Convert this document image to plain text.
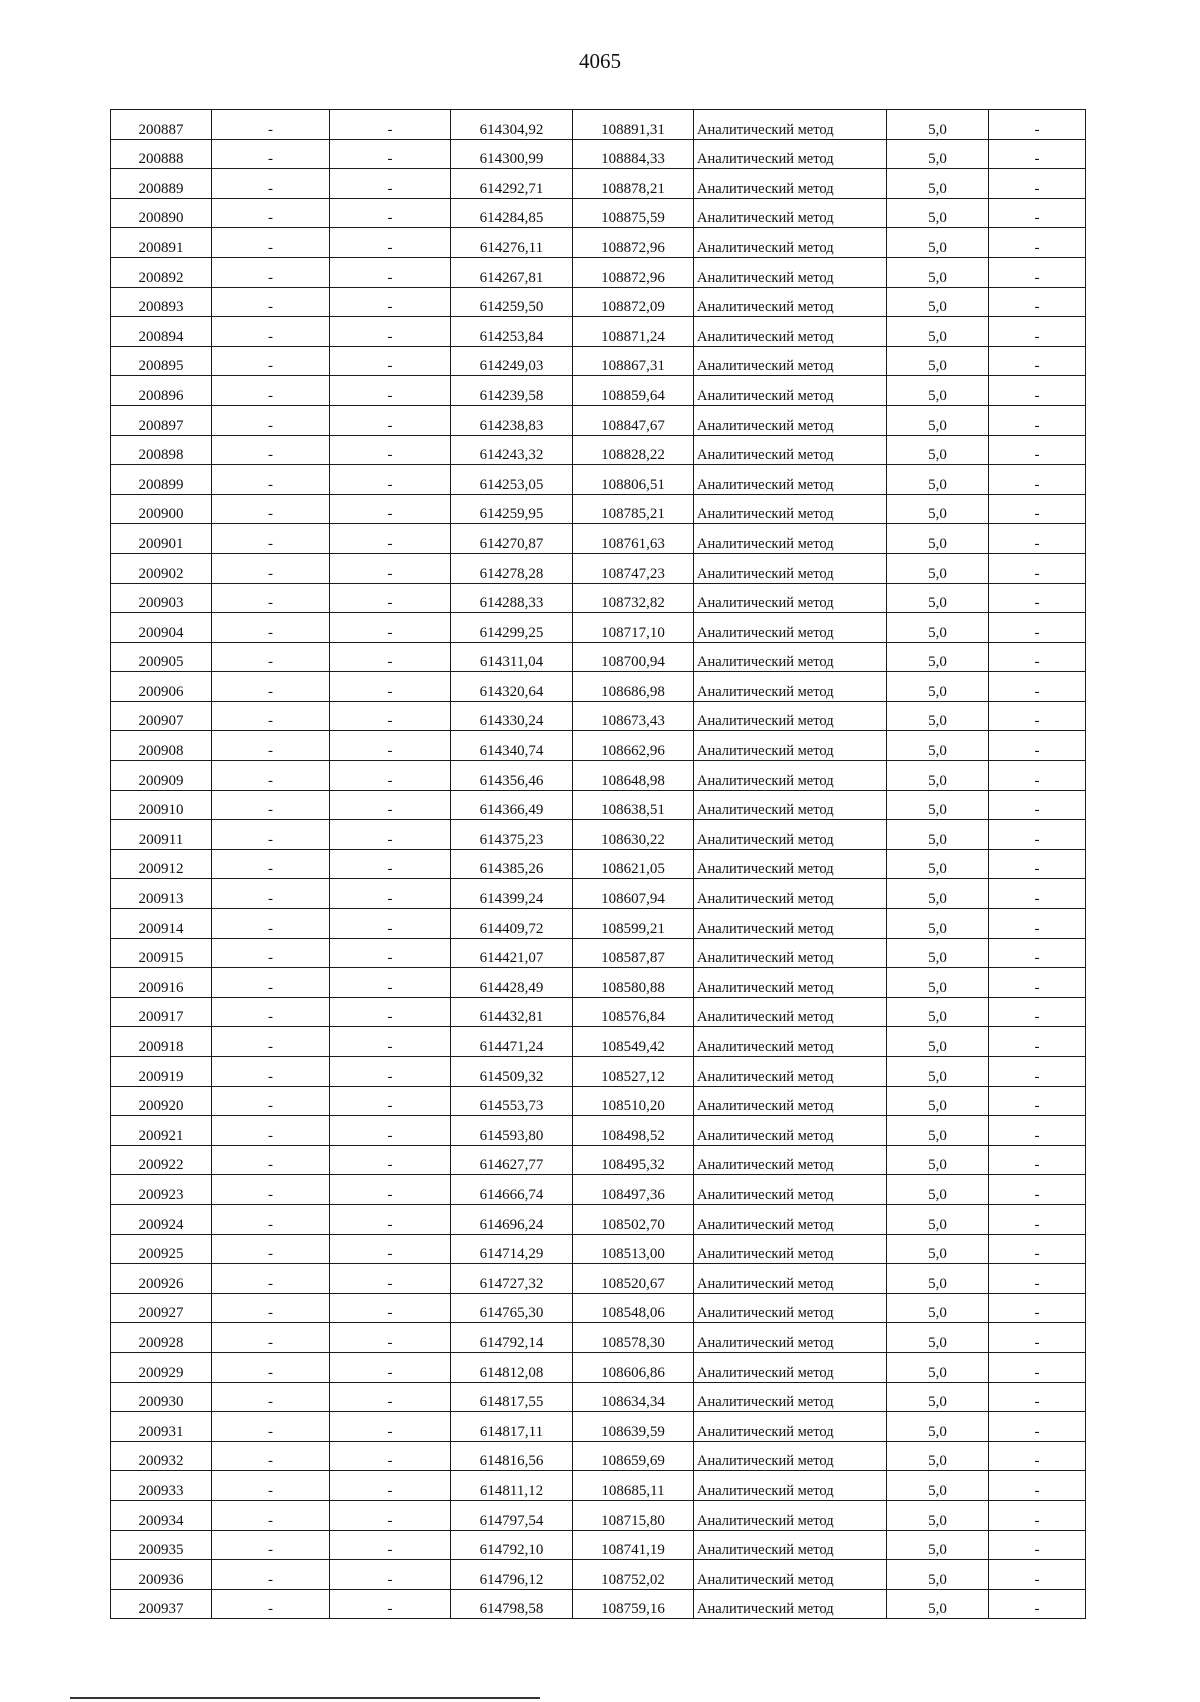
4065
200887	-	-	614304,92	108891,31	Аналитический метод	5,0	-
200888	-	-	614300,99	108884,33	Аналитический метод	5,0	-
200889	-	-	614292,71	108878,21	Аналитический метод	5,0	-
200890	-	-	614284,85	108875,59	Аналитический метод	5,0	-
200891	-	-	614276,11	108872,96	Аналитический метод	5,0	-
200892	-	-	614267,81	108872,96	Аналитический метод	5,0	-
200893	-	-	614259,50	108872,09	Аналитический метод	5,0	-
200894	-	-	614253,84	108871,24	Аналитический метод	5,0	-
200895	-	-	614249,03	108867,31	Аналитический метод	5,0	-
200896	-	-	614239,58	108859,64	Аналитический метод	5,0	-
200897	-	-	614238,83	108847,67	Аналитический метод	5,0	-
200898	-	-	614243,32	108828,22	Аналитический метод	5,0	-
200899	-	-	614253,05	108806,51	Аналитический метод	5,0	-
200900	-	-	614259,95	108785,21	Аналитический метод	5,0	-
200901	-	-	614270,87	108761,63	Аналитический метод	5,0	-
200902	-	-	614278,28	108747,23	Аналитический метод	5,0	-
200903	-	-	614288,33	108732,82	Аналитический метод	5,0	-
200904	-	-	614299,25	108717,10	Аналитический метод	5,0	-
200905	-	-	614311,04	108700,94	Аналитический метод	5,0	-
200906	-	-	614320,64	108686,98	Аналитический метод	5,0	-
200907	-	-	614330,24	108673,43	Аналитический метод	5,0	-
200908	-	-	614340,74	108662,96	Аналитический метод	5,0	-
200909	-	-	614356,46	108648,98	Аналитический метод	5,0	-
200910	-	-	614366,49	108638,51	Аналитический метод	5,0	-
200911	-	-	614375,23	108630,22	Аналитический метод	5,0	-
200912	-	-	614385,26	108621,05	Аналитический метод	5,0	-
200913	-	-	614399,24	108607,94	Аналитический метод	5,0	-
200914	-	-	614409,72	108599,21	Аналитический метод	5,0	-
200915	-	-	614421,07	108587,87	Аналитический метод	5,0	-
200916	-	-	614428,49	108580,88	Аналитический метод	5,0	-
200917	-	-	614432,81	108576,84	Аналитический метод	5,0	-
200918	-	-	614471,24	108549,42	Аналитический метод	5,0	-
200919	-	-	614509,32	108527,12	Аналитический метод	5,0	-
200920	-	-	614553,73	108510,20	Аналитический метод	5,0	-
200921	-	-	614593,80	108498,52	Аналитический метод	5,0	-
200922	-	-	614627,77	108495,32	Аналитический метод	5,0	-
200923	-	-	614666,74	108497,36	Аналитический метод	5,0	-
200924	-	-	614696,24	108502,70	Аналитический метод	5,0	-
200925	-	-	614714,29	108513,00	Аналитический метод	5,0	-
200926	-	-	614727,32	108520,67	Аналитический метод	5,0	-
200927	-	-	614765,30	108548,06	Аналитический метод	5,0	-
200928	-	-	614792,14	108578,30	Аналитический метод	5,0	-
200929	-	-	614812,08	108606,86	Аналитический метод	5,0	-
200930	-	-	614817,55	108634,34	Аналитический метод	5,0	-
200931	-	-	614817,11	108639,59	Аналитический метод	5,0	-
200932	-	-	614816,56	108659,69	Аналитический метод	5,0	-
200933	-	-	614811,12	108685,11	Аналитический метод	5,0	-
200934	-	-	614797,54	108715,80	Аналитический метод	5,0	-
200935	-	-	614792,10	108741,19	Аналитический метод	5,0	-
200936	-	-	614796,12	108752,02	Аналитический метод	5,0	-
200937	-	-	614798,58	108759,16	Аналитический метод	5,0	-
